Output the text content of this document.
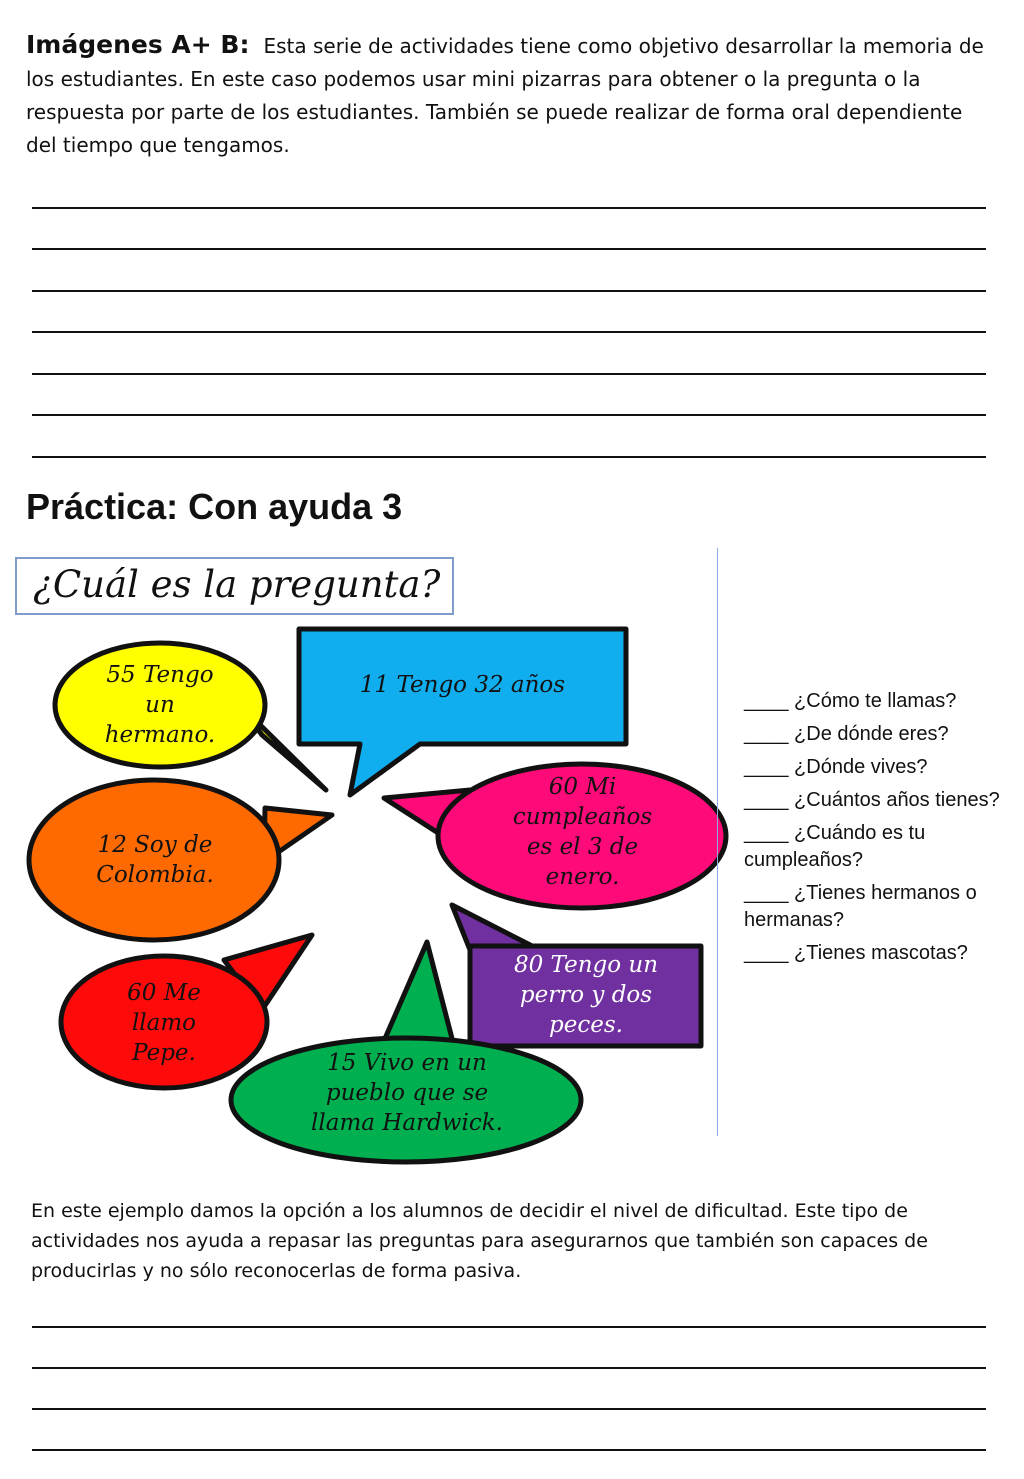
Imágenes A+ B: Esta serie de actividades tiene como objetivo desarrollar la memoria de los estudiantes. En este caso podemos usar mini pizarras para obtener o la pregunta o la respuesta por parte de los estudiantes. También se puede realizar de forma oral dependiente del tiempo que tengamos.

Práctica: Con ayuda 3
¿Cuál es la pregunta?
55 Tengo
un
hermano.
11 Tengo 32 años
60 Mi
cumpleaños
es el 3 de
enero.
12 Soy de
Colombia.
80 Tengo un
perro y dos
peces.
60 Me
llamo
Pepe.	15 Vivo en un
pueblo que se
llama Hardwick.
____ ¿Cómo te llamas?
____ ¿De dónde eres?
____ ¿Dónde vives?
____ ¿Cuántos años tienes?
____ ¿Cuándo es tu cumpleaños?
____ ¿Tienes hermanos o hermanas?
____ ¿Tienes mascotas?

En este ejemplo damos la opción a los alumnos de decidir el nivel de dificultad. Este tipo de actividades nos ayuda a repasar las preguntas para asegurarnos que también son capaces de producirlas y no sólo reconocerlas de forma pasiva.
